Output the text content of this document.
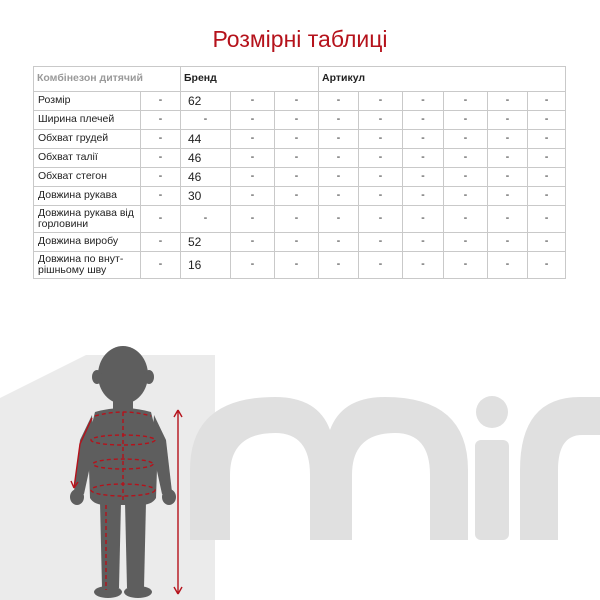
Розмірні таблиці
Комбінезон дитячий		Бренд			Артикул					
Розмір	-	62	-	-	-	-	-	-	-	-
Ширина плечей	-	-	-	-	-	-	-	-	-	-
Обхват грудей	-	44	-	-	-	-	-	-	-	-
Обхват талії	-	46	-	-	-	-	-	-	-	-
Обхват стегон	-	46	-	-	-	-	-	-	-	-
Довжина рукава	-	30	-	-	-	-	-	-	-	-
Довжина рукава від горловини	-	-	-	-	-	-	-	-	-	-
Довжина виробу	-	52	-	-	-	-	-	-	-	-
Довжина по внут- рішньому шву	-	16	-	-	-	-	-	-	-	-
